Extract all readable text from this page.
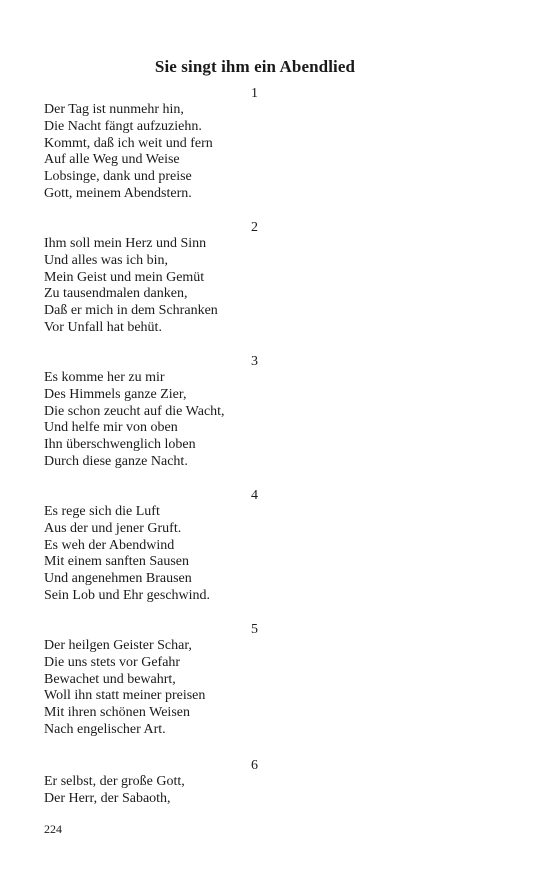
Sie singt ihm ein Abendlied
1
Der Tag ist nunmehr hin,
Die Nacht fängt aufzuziehn.
Kommt, daß ich weit und fern
Auf alle Weg und Weise
Lobsinge, dank und preise
Gott, meinem Abendstern.
2
Ihm soll mein Herz und Sinn
Und alles was ich bin,
Mein Geist und mein Gemüt
Zu tausendmalen danken,
Daß er mich in dem Schranken
Vor Unfall hat behüt.
3
Es komme her zu mir
Des Himmels ganze Zier,
Die schon zeucht auf die Wacht,
Und helfe mir von oben
Ihn überschwenglich loben
Durch diese ganze Nacht.
4
Es rege sich die Luft
Aus der und jener Gruft.
Es weh der Abendwind
Mit einem sanften Sausen
Und angenehmen Brausen
Sein Lob und Ehr geschwind.
5
Der heilgen Geister Schar,
Die uns stets vor Gefahr
Bewachet und bewahrt,
Woll ihn statt meiner preisen
Mit ihren schönen Weisen
Nach engelischer Art.
6
Er selbst, der große Gott,
Der Herr, der Sabaoth,
224
